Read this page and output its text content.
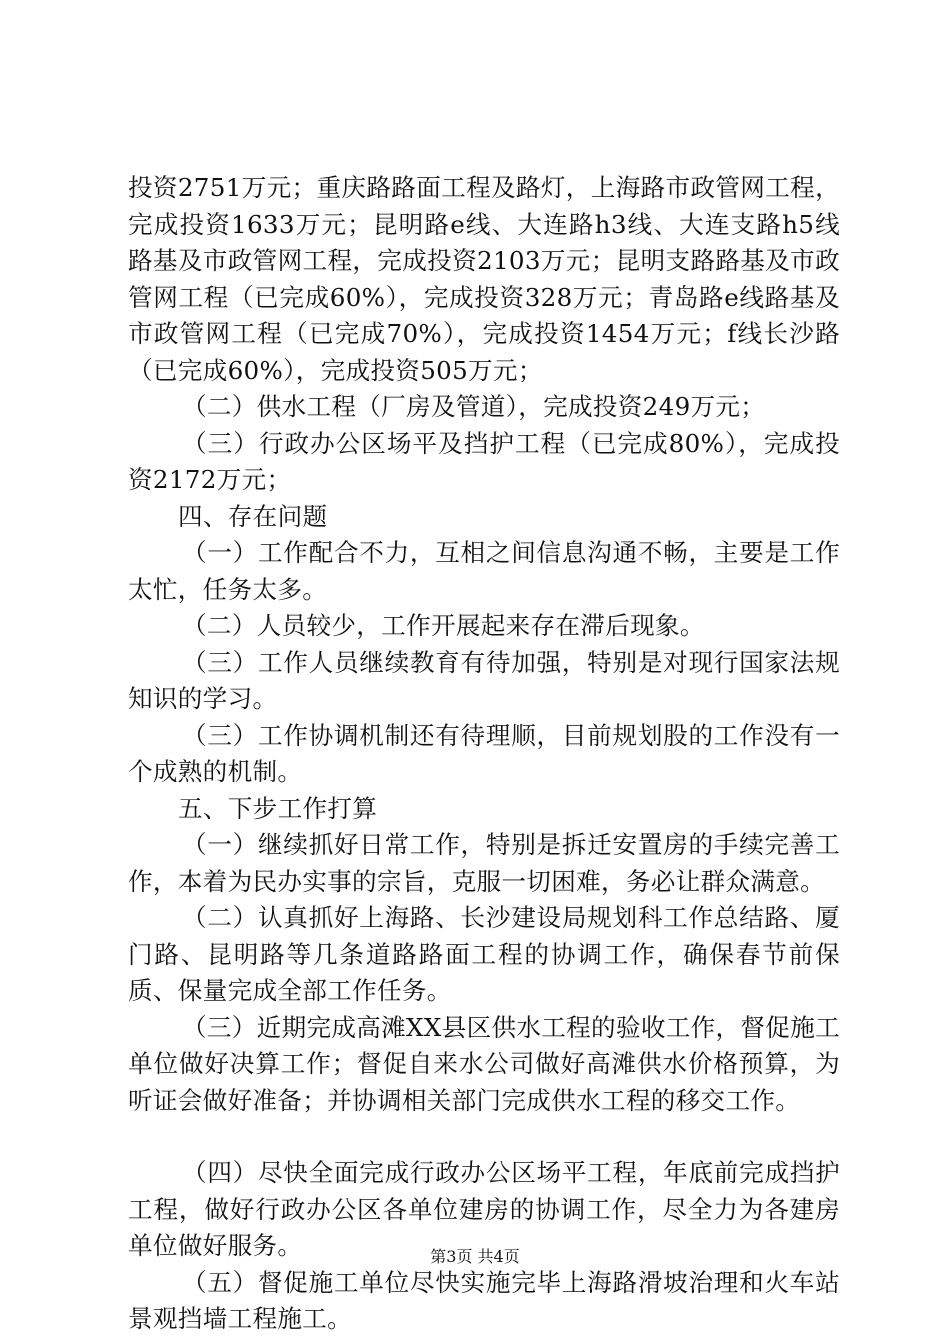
投资2751万元；重庆路路面工程及路灯，上海路市政管网工程，完成投资1633万元；昆明路e线、大连路h3线、大连支路h5线路基及市政管网工程，完成投资2103万元；昆明支路路基及市政管网工程（已完成60%），完成投资328万元；青岛路e线路基及市政管网工程（已完成70%），完成投资1454万元；f线长沙路（已完成60%），完成投资505万元；

（二）供水工程（厂房及管道），完成投资249万元；

（三）行政办公区场平及挡护工程（已完成80%），完成投资2172万元；

四、存在问题

（一）工作配合不力，互相之间信息沟通不畅，主要是工作太忙，任务太多。

（二）人员较少，工作开展起来存在滞后现象。

（三）工作人员继续教育有待加强，特别是对现行国家法规知识的学习。

（三）工作协调机制还有待理顺，目前规划股的工作没有一个成熟的机制。

五、下步工作打算

（一）继续抓好日常工作，特别是拆迁安置房的手续完善工作，本着为民办实事的宗旨，克服一切困难，务必让群众满意。

（二）认真抓好上海路、长沙建设局规划科工作总结路、厦门路、昆明路等几条道路路面工程的协调工作，确保春节前保质、保量完成全部工作任务。

（三）近期完成高滩XX县区供水工程的验收工作，督促施工单位做好决算工作；督促自来水公司做好高滩供水价格预算，为听证会做好准备；并协调相关部门完成供水工程的移交工作。

（四）尽快全面完成行政办公区场平工程，年底前完成挡护工程，做好行政办公区各单位建房的协调工作，尽全力为各建房单位做好服务。

（五）督促施工单位尽快实施完毕上海路滑坡治理和火车站景观挡墙工程施工。

第3页 共4页
